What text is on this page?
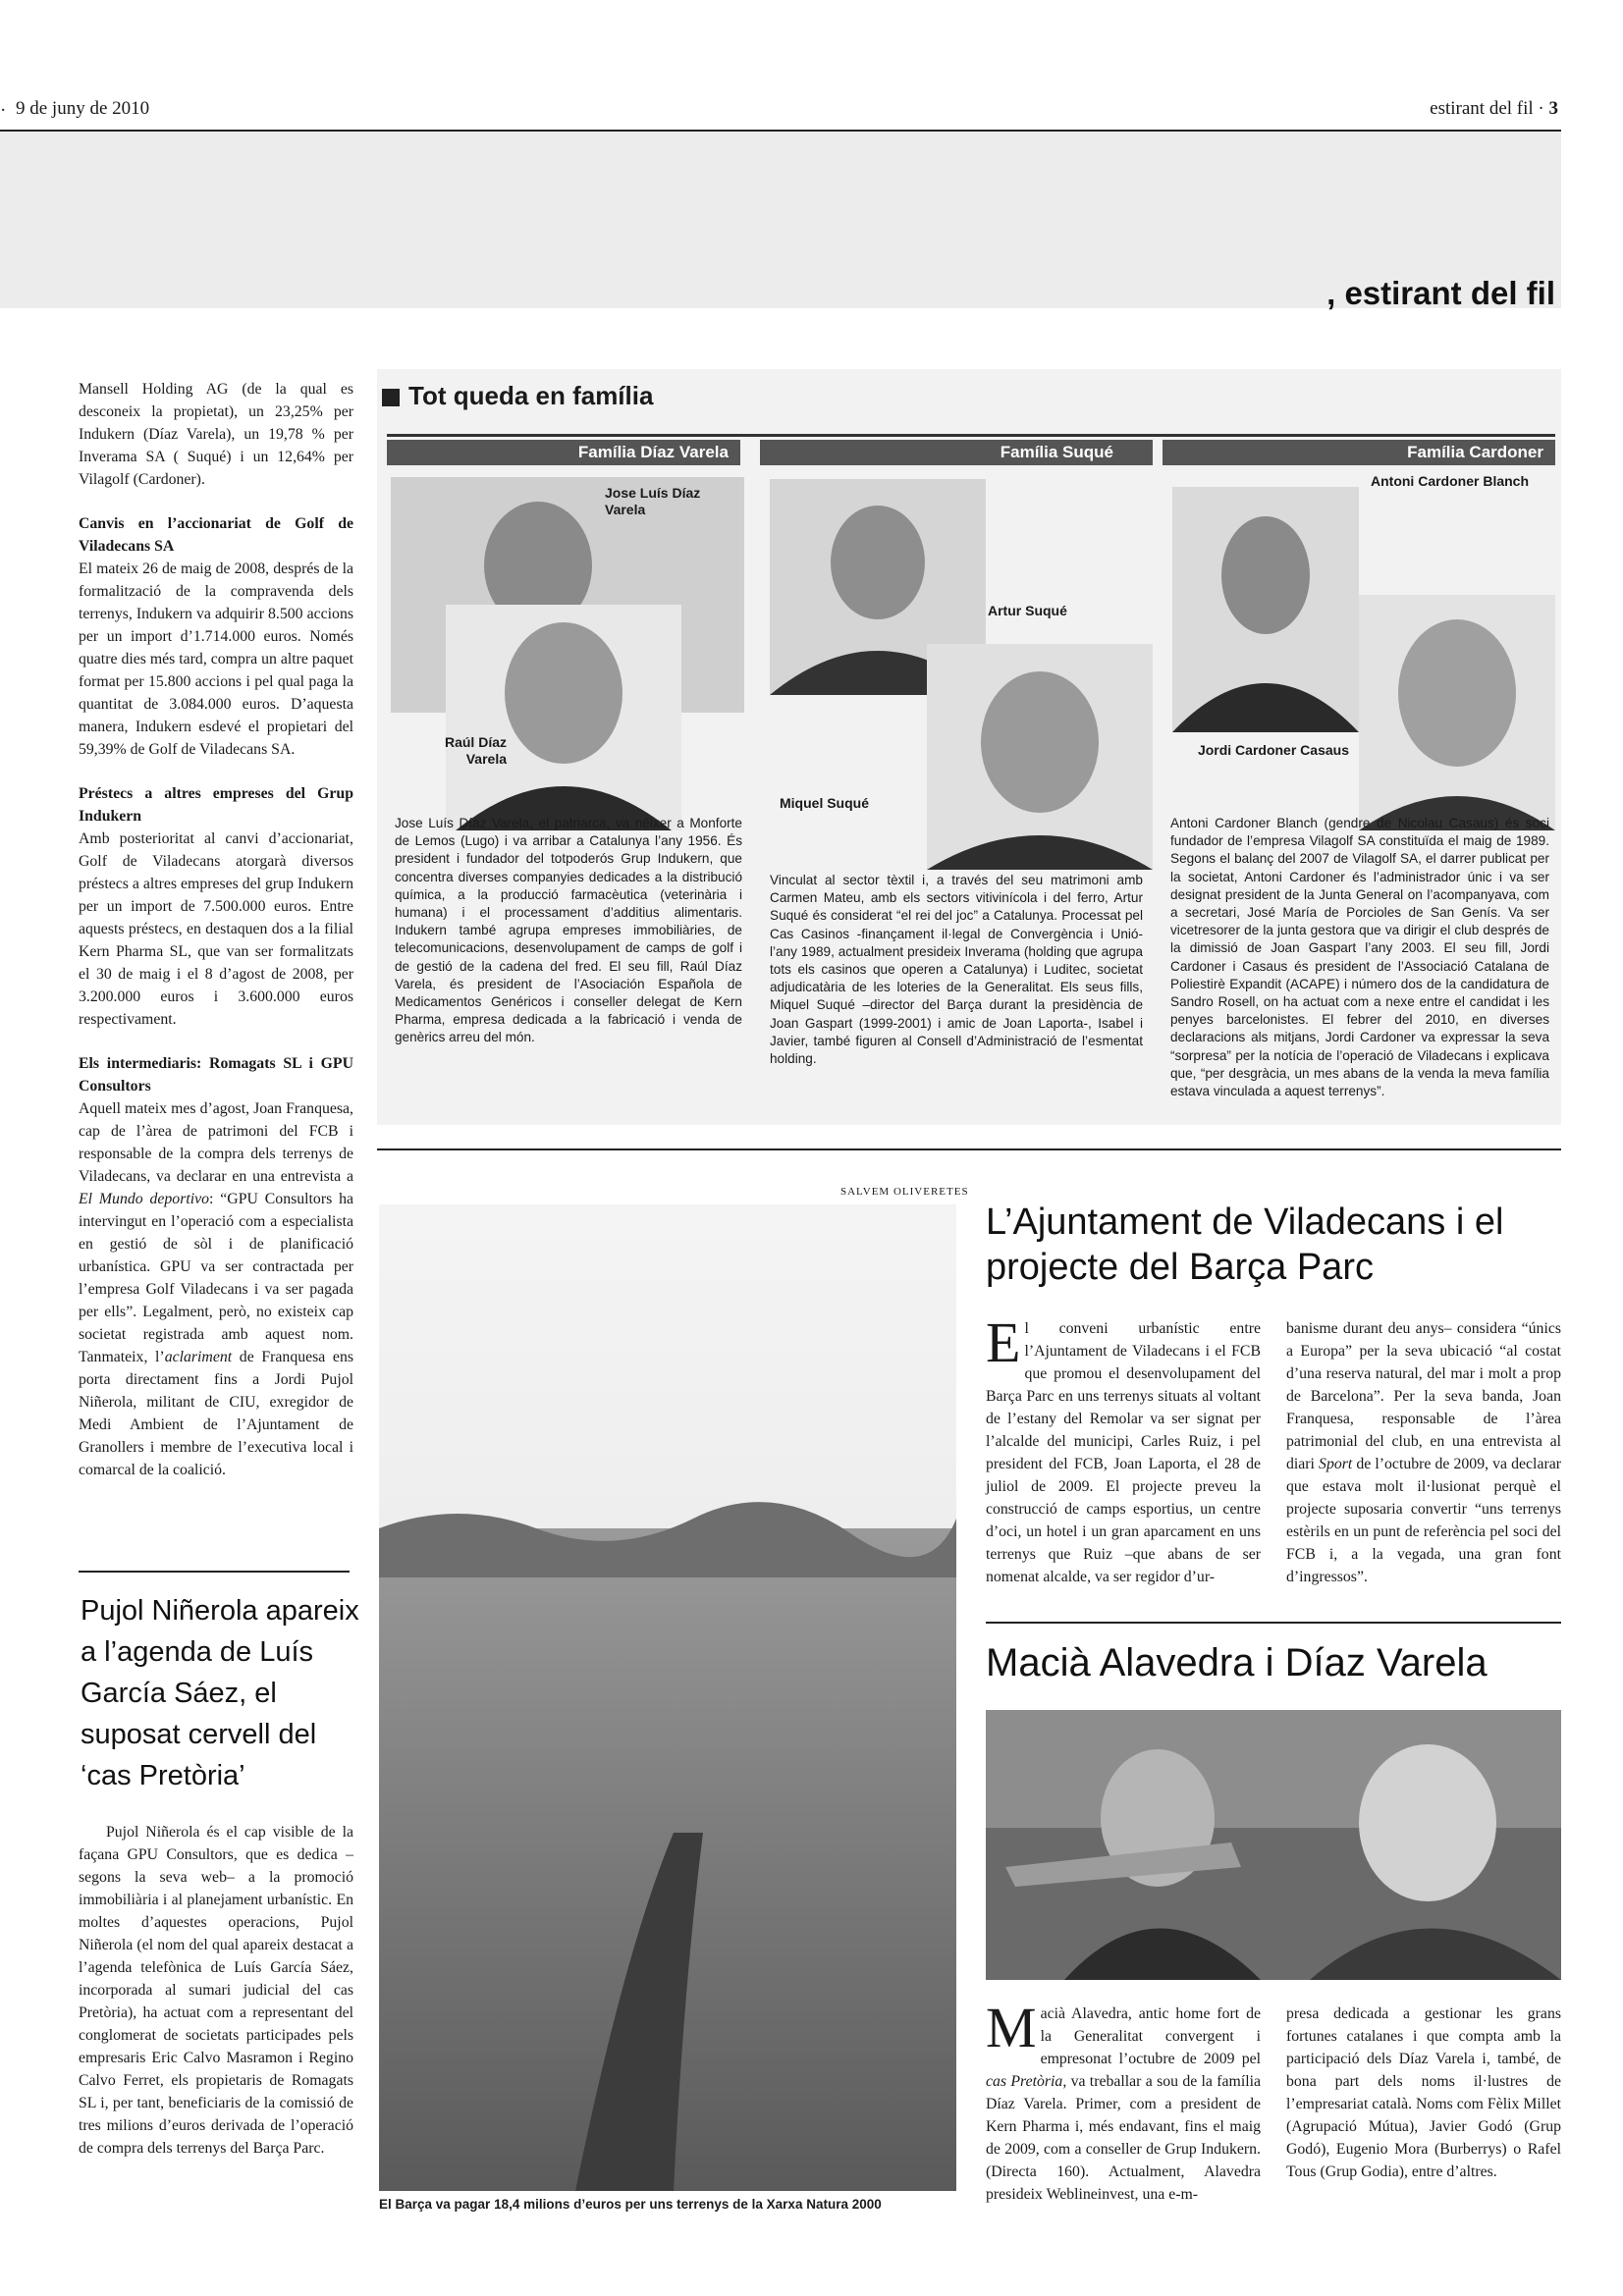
· 9 de juny de 2010	estirant del fil · 3
, estirant del fil

Mansell Holding AG (de la qual es desconeix la propietat), un 23,25% per Indukern (Díaz Varela), un 19,78 % per Inverama SA ( Suqué) i un 12,64% per Vilagolf (Cardoner).

Canvis en l’accionariat de Golf de Viladecans SA

El mateix 26 de maig de 2008, després de la formalització de la compravenda dels terrenys, Indukern va adquirir 8.500 accions per un import d’1.714.000 euros. Només quatre dies més tard, compra un altre paquet format per 15.800 accions i pel qual paga la quantitat de 3.084.000 euros. D’aquesta manera, Indukern esdevé el propietari del 59,39% de Golf de Viladecans SA.

Préstecs a altres empreses del Grup Indukern

Amb posterioritat al canvi d’accionariat, Golf de Viladecans atorgarà diversos préstecs a altres empreses del grup Indukern per un import de 7.500.000 euros. Entre aquests préstecs, en destaquen dos a la filial Kern Pharma SL, que van ser formalitzats el 30 de maig i el 8 d’agost de 2008, per 3.200.000 euros i 3.600.000 euros respectivament.

Els intermediaris: Romagats SL i GPU Consultors

Aquell mateix mes d’agost, Joan Franquesa, cap de l’àrea de patrimoni del FCB i responsable de la compra dels terrenys de Viladecans, va declarar en una entrevista a El Mundo deportivo: “GPU Consultors ha intervingut en l’operació com a especialista en gestió de sòl i de planificació urbanística. GPU va ser contractada per l’empresa Golf Viladecans i va ser pagada per ells”. Legalment, però, no existeix cap societat registrada amb aquest nom. Tanmateix, l’aclariment de Franquesa ens porta directament fins a Jordi Pujol Niñerola, militant de CIU, exregidor de Medi Ambient de l’Ajuntament de Granollers i membre de l’executiva local i comarcal de la coalició.

Pujol Niñerola apareix a l’agenda de Luís García Sáez, el suposat cervell del ‘cas Pretòria’
Pujol Niñerola és el cap visible de la façana GPU Consultors, que es dedica –segons la seva web– a la promoció immobiliària i al planejament urbanístic. En moltes d’aquestes operacions, Pujol Niñerola (el nom del qual apareix destacat a l’agenda telefònica de Luís García Sáez, incorporada al sumari judicial del cas Pretòria), ha actuat com a representant del conglomerat de societats participades pels empresaris Eric Calvo Masramon i Regino Calvo Ferret, els propietaris de Romagats SL i, per tant, beneficiaris de la comissió de tres milions d’euros derivada de l’operació de compra dels terrenys del Barça Parc.
Tot queda en família
Família Díaz Varela	Família Suqué	Família Cardoner
Jose Luís Díaz Varela
Raúl Díaz Varela
Artur Suqué
Miquel Suqué
Antoni Cardoner Blanch
Jordi Cardoner Casaus
Jose Luís Díaz Varela, el patriarca, va néixer a Monforte de Lemos (Lugo) i va arribar a Catalunya l’any 1956. És president i fundador del totpoderós Grup Indukern, que concentra diverses companyies dedicades a la distribució química, a la producció farmacèutica (veterinària i humana) i el processament d’additius alimentaris. Indukern també agrupa empreses immobiliàries, de telecomunicacions, desenvolupament de camps de golf i de gestió de la cadena del fred. El seu fill, Raúl Díaz Varela, és president de l’Asociación Española de Medicamentos Genéricos i conseller delegat de Kern Pharma, empresa dedicada a la fabricació i venda de genèrics arreu del món.
Vinculat al sector tèxtil i, a través del seu matrimoni amb Carmen Mateu, amb els sectors vitivinícola i del ferro, Artur Suqué és considerat “el rei del joc” a Catalunya. Processat pel Cas Casinos -finançament il·legal de Convergència i Unió- l’any 1989, actualment presideix Inverama (holding que agrupa tots els casinos que operen a Catalunya) i Luditec, societat adjudicatària de les loteries de la Generalitat. Els seus fills, Miquel Suqué –director del Barça durant la presidència de Joan Gaspart (1999-2001) i amic de Joan Laporta-, Isabel i Javier, també figuren al Consell d’Administració de l’esmentat holding.
Antoni Cardoner Blanch (gendre de Nicolau Casaus) és soci fundador de l’empresa Vilagolf SA constituïda el maig de 1989. Segons el balanç del 2007 de Vilagolf SA, el darrer publicat per la societat, Antoni Cardoner és l’administrador únic i va ser designat president de la Junta General on l’acompanyava, com a secretari, José María de Porcioles de San Genís. Va ser vicetresorer de la junta gestora que va dirigir el club després de la dimissió de Joan Gaspart l’any 2003. El seu fill, Jordi Cardoner i Casaus és president de l’Associació Catalana de Poliestirè Expandit (ACAPE) i número dos de la candidatura de Sandro Rosell, on ha actuat com a nexe entre el candidat i les penyes barcelonistes. El febrer del 2010, en diverses declaracions als mitjans, Jordi Cardoner va expressar la seva “sorpresa” per la notícia de l’operació de Viladecans i explicava que, “per desgràcia, un mes abans de la venda la meva família estava vinculada a aquest terrenys”.
SALVEM OLIVERETES
El Barça va pagar 18,4 milions d’euros per uns terrenys de la Xarxa Natura 2000
L’Ajuntament de Viladecans i el projecte del Barça Parc
El conveni urbanístic entre l’Ajuntament de Viladecans i el FCB que promou el desenvolupament del Barça Parc en uns terrenys situats al voltant de l’estany del Remolar va ser signat per l’alcalde del municipi, Carles Ruiz, i pel president del FCB, Joan Laporta, el 28 de juliol de 2009. El projecte preveu la construcció de camps esportius, un centre d’oci, un hotel i un gran aparcament en uns terrenys que Ruiz –que abans de ser nomenat alcalde, va ser regidor d’ur-
banisme durant deu anys– considera “únics a Europa” per la seva ubicació “al costat d’una reserva natural, del mar i molt a prop de Barcelona”. Per la seva banda, Joan Franquesa, responsable de l’àrea patrimonial del club, en una entrevista al diari Sport de l’octubre de 2009, va declarar que estava molt il·lusionat perquè el projecte suposaria convertir “uns terrenys estèrils en un punt de referència pel soci del FCB i, a la vegada, una gran font d’ingressos”.
Macià Alavedra i Díaz Varela
Macià Alavedra, antic home fort de la Generalitat convergent i empresonat l’octubre de 2009 pel cas Pretòria, va treballar a sou de la família Díaz Varela. Primer, com a president de Kern Pharma i, més endavant, fins el maig de 2009, com a conseller de Grup Indukern. (Directa 160). Actualment, Alavedra presideix Weblineinvest, una e-m-
presa dedicada a gestionar les grans fortunes catalanes i que compta amb la participació dels Díaz Varela i, també, de bona part dels noms il·lustres de l’empresariat català. Noms com Fèlix Millet (Agrupació Mútua), Javier Godó (Grup Godó), Eugenio Mora (Burberrys) o Rafel Tous (Grup Godia), entre d’altres.
